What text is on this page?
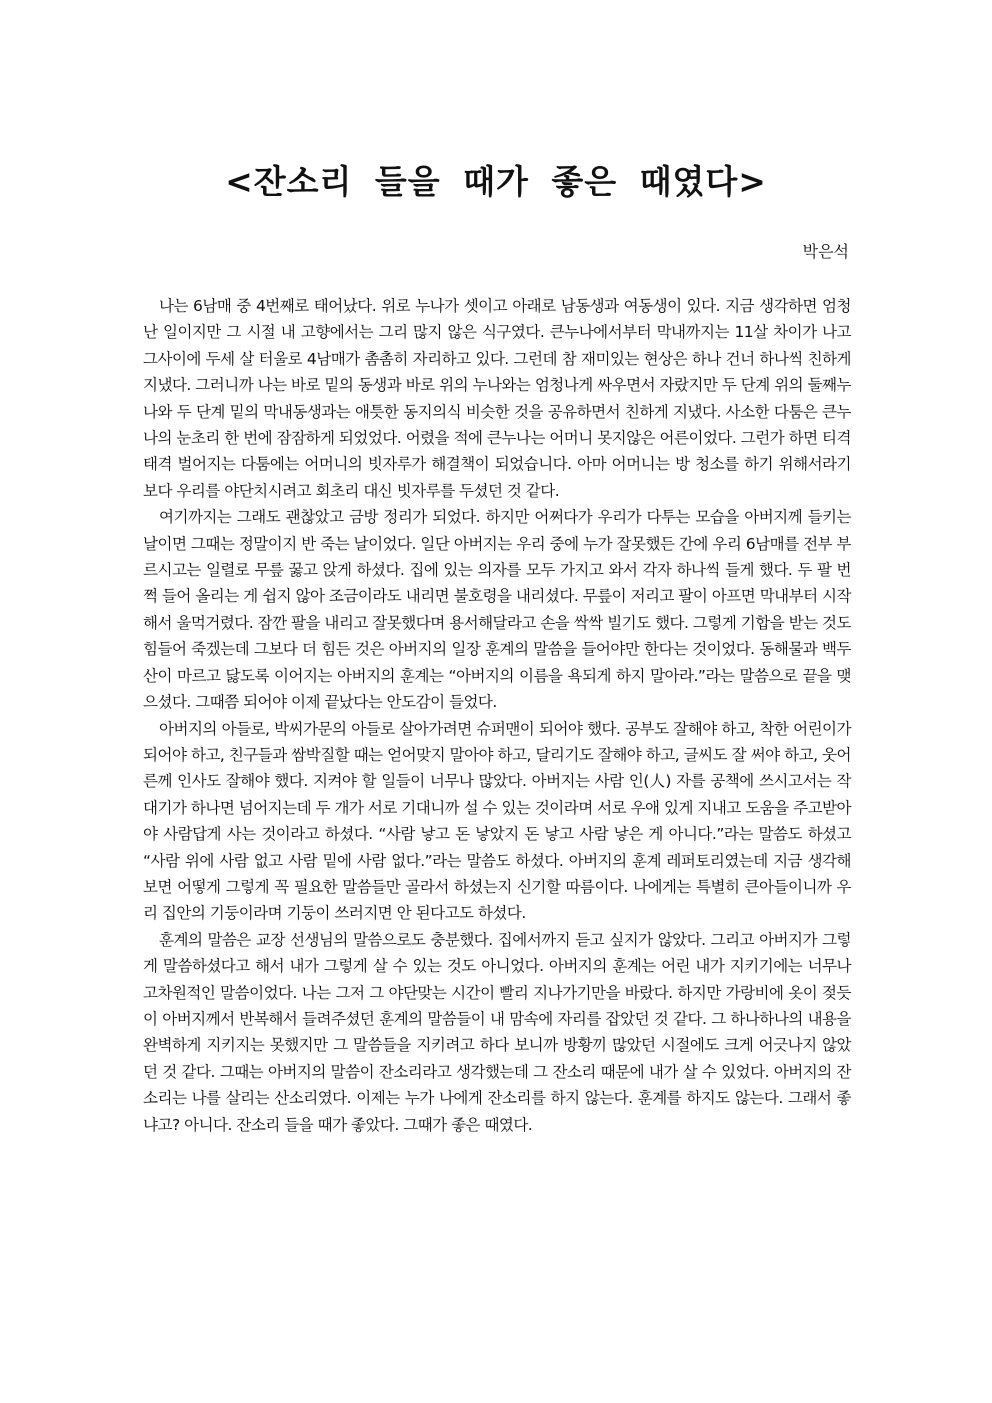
<잔소리 들을 때가 좋은 때였다>

박은석

나는 6남매 중 4번째로 태어났다. 위로 누나가 셋이고 아래로 남동생과 여동생이 있다. 지금 생각하면 엄청난 일이지만 그 시절 내 고향에서는 그리 많지 않은 식구였다. 큰누나에서부터 막내까지는 11살 차이가 나고 그사이에 두세 살 터울로 4남매가 촘촘히 자리하고 있다. 그런데 참 재미있는 현상은 하나 건너 하나씩 친하게 지냈다. 그러니까 나는 바로 밑의 동생과 바로 위의 누나와는 엄청나게 싸우면서 자랐지만 두 단계 위의 둘째누나와 두 단계 밑의 막내동생과는 애틋한 동지의식 비슷한 것을 공유하면서 친하게 지냈다. 사소한 다툼은 큰누나의 눈초리 한 번에 잠잠하게 되었었다. 어렸을 적에 큰누나는 어머니 못지않은 어른이었다. 그런가 하면 티격태격 벌어지는 다툼에는 어머니의 빗자루가 해결책이 되었습니다. 아마 어머니는 방 청소를 하기 위해서라기보다 우리를 야단치시려고 회초리 대신 빗자루를 두셨던 것 같다.

여기까지는 그래도 괜찮았고 금방 정리가 되었다. 하지만 어쩌다가 우리가 다투는 모습을 아버지께 들키는 날이면 그때는 정말이지 반 죽는 날이었다. 일단 아버지는 우리 중에 누가 잘못했든 간에 우리 6남매를 전부 부르시고는 일렬로 무릎 꿇고 앉게 하셨다. 집에 있는 의자를 모두 가지고 와서 각자 하나씩 들게 했다. 두 팔 번쩍 들어 올리는 게 쉽지 않아 조금이라도 내리면 불호령을 내리셨다. 무릎이 저리고 팔이 아프면 막내부터 시작해서 울먹거렸다. 잠깐 팔을 내리고 잘못했다며 용서해달라고 손을 싹싹 빌기도 했다. 그렇게 기합을 받는 것도 힘들어 죽겠는데 그보다 더 힘든 것은 아버지의 일장 훈계의 말씀을 들어야만 한다는 것이었다. 동해물과 백두산이 마르고 닳도록 이어지는 아버지의 훈계는 “아버지의 이름을 욕되게 하지 말아라.”라는 말씀으로 끝을 맺으셨다. 그때쯤 되어야 이제 끝났다는 안도감이 들었다.

아버지의 아들로, 박씨가문의 아들로 살아가려면 슈퍼맨이 되어야 했다. 공부도 잘해야 하고, 착한 어린이가 되어야 하고, 친구들과 쌈박질할 때는 얻어맞지 말아야 하고, 달리기도 잘해야 하고, 글씨도 잘 써야 하고, 웃어른께 인사도 잘해야 했다. 지켜야 할 일들이 너무나 많았다. 아버지는 사람 인(人) 자를 공책에 쓰시고서는 작대기가 하나면 넘어지는데 두 개가 서로 기대니까 설 수 있는 것이라며 서로 우애 있게 지내고 도움을 주고받아야 사람답게 사는 것이라고 하셨다. “사람 낳고 돈 낳았지 돈 낳고 사람 낳은 게 아니다.”라는 말씀도 하셨고 “사람 위에 사람 없고 사람 밑에 사람 없다.”라는 말씀도 하셨다. 아버지의 훈계 레퍼토리였는데 지금 생각해 보면 어떻게 그렇게 꼭 필요한 말씀들만 골라서 하셨는지 신기할 따름이다. 나에게는 특별히 큰아들이니까 우리 집안의 기둥이라며 기둥이 쓰러지면 안 된다고도 하셨다.

훈계의 말씀은 교장 선생님의 말씀으로도 충분했다. 집에서까지 듣고 싶지가 않았다. 그리고 아버지가 그렇게 말씀하셨다고 해서 내가 그렇게 살 수 있는 것도 아니었다. 아버지의 훈계는 어린 내가 지키기에는 너무나 고차원적인 말씀이었다. 나는 그저 그 야단맞는 시간이 빨리 지나가기만을 바랐다. 하지만 가랑비에 옷이 젖듯이 아버지께서 반복해서 들려주셨던 훈계의 말씀들이 내 맘속에 자리를 잡았던 것 같다. 그 하나하나의 내용을 완벽하게 지키지는 못했지만 그 말씀들을 지키려고 하다 보니까 방황끼 많았던 시절에도 크게 어긋나지 않았던 것 같다. 그때는 아버지의 말씀이 잔소리라고 생각했는데 그 잔소리 때문에 내가 살 수 있었다. 아버지의 잔소리는 나를 살리는 산소리였다. 이제는 누가 나에게 잔소리를 하지 않는다. 훈계를 하지도 않는다. 그래서 좋냐고? 아니다. 잔소리 들을 때가 좋았다. 그때가 좋은 때였다.
